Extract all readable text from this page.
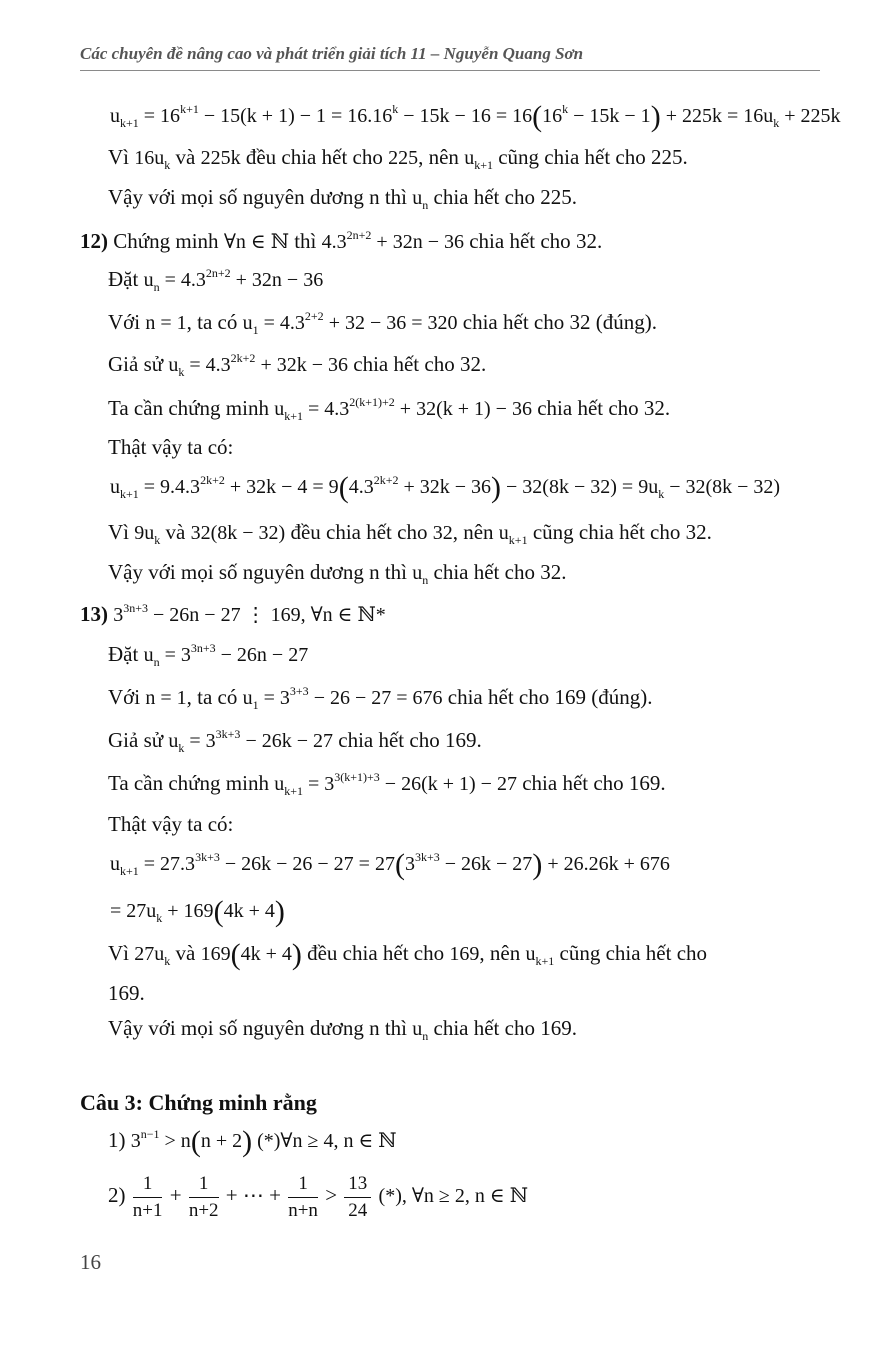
Các chuyên đề nâng cao và phát triển giải tích 11 – Nguyễn Quang Sơn
$u_{k+1} = 16^{k+1} - 15(k + 1) - 1 = 16.16^k - 15k - 16 = 16(16^k - 15k - 1) + 225k = 16u_k + 225k$
Vì $16u_k$ và 225k đều chia hết cho 225, nên $u_{k+1}$ cũng chia hết cho 225.
Vậy với mọi số nguyên dương n thì $u_n$ chia hết cho 225.
12) Chứng minh ∀n ∈ ℕ thì $4.3^{2n+2} + 32n - 36$ chia hết cho 32.
Đặt $u_n = 4.3^{2n+2} + 32n - 36$
Với n = 1, ta có $u_1 = 4.3^{2+2} + 32 - 36 = 320$ chia hết cho 32 (đúng).
Giả sử $u_k = 4.3^{2k+2} + 32k - 36$ chia hết cho 32.
Ta cần chứng minh $u_{k+1} = 4.3^{2(k+1)+2} + 32(k + 1) - 36$ chia hết cho 32.
Thật vậy ta có:
$u_{k+1} = 9.4.3^{2k+2} + 32k - 4 = 9(4.3^{2k+2} + 32k - 36) - 32(8k - 32) = 9u_k - 32(8k - 32)$
Vì $9u_k$ và 32(8k − 32) đều chia hết cho 32, nên $u_{k+1}$ cũng chia hết cho 32.
Vậy với mọi số nguyên dương n thì $u_n$ chia hết cho 32.
13) $3^{3n+3} - 26n - 27$ ⋮ 169, ∀n ∈ ℕ*
Đặt $u_n = 3^{3n+3} - 26n - 27$
Với n = 1, ta có $u_1 = 3^{3+3} - 26 - 27 = 676$ chia hết cho 169 (đúng).
Giả sử $u_k = 3^{3k+3} - 26k - 27$ chia hết cho 169.
Ta cần chứng minh $u_{k+1} = 3^{3(k+1)+3} - 26(k + 1) - 27$ chia hết cho 169.
Thật vậy ta có:
$u_{k+1} = 27.3^{3k+3} - 26k - 26 - 27 = 27(3^{3k+3} - 26k - 27) + 26.26k + 676$
= $27u_k + 169(4k + 4)$
Vì $27u_k$ và 169(4k + 4) đều chia hết cho 169, nên $u_{k+1}$ cũng chia hết cho
169.
Vậy với mọi số nguyên dương n thì $u_n$ chia hết cho 169.
Câu 3: Chứng minh rằng
1) $3^{n-1} > n(n + 2)$ (*)∀n ≥ 4, n ∈ ℕ
$2) \frac{1}{n+1} + \frac{1}{n+2}$ + ⋯ + $\frac{1}{n+n} > \frac{13}{24}$ (*), ∀n ≥ 2, n ∈ ℕ
16
